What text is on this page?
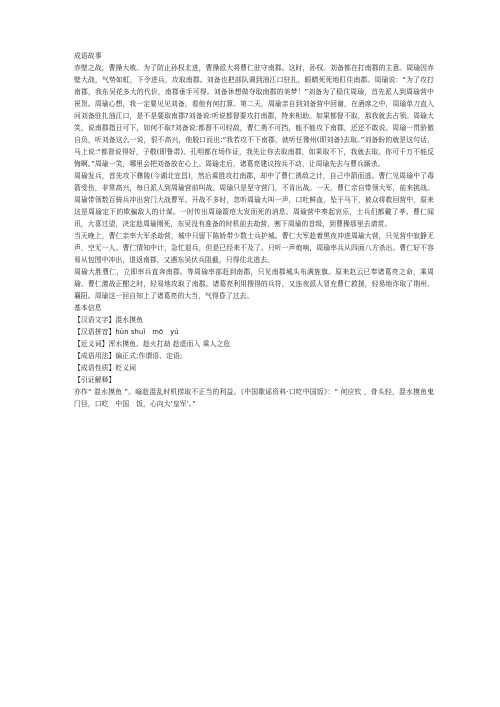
成语故事

赤壁之战，曹操大败。为了防止孙权北进，曹操派大将曹仁驻守南郡。这时，孙权、刘备都在打南郡的主意。周瑜因赤壁大战，气势如虹，下令进兵，攻取南郡。刘备也把部队调到油江口驻扎，眼睛死死地盯住南郡。周瑜说：“为了攻打南郡，我东吴花多大的代价，南郡垂手可得。刘备休想做夺取南郡的美梦！”刘备为了稳住周瑜，首先派人到周瑜营中祝贺。周瑜心想，我一定要见见刘备，看他有何打算。第二天，周瑜亲自到刘备营中回谢，在酒席之中，周瑜单刀直入问刘备驻扎油江口，是不是要取南郡?刘备说:听说都督要攻打南郡，特来相助。如果都督不取，那我就去占领。周瑜大笑，说南郡指日可下，如何不取?刘备说:都督不可轻敌，曹仁勇不可挡，能不能攻下南郡，还还不敢说。周瑜一贯骄傲自负，听刘备这么一说，很不高兴，他脱口而出:“我若攻不下南郡，就听任豫州(即刘备)去取。”刘备盼的就是这句话，马上说:“都督说得好，子敬(即鲁肃)、孔明都在场作证，我先让你去取南郡，如果取不下，我就去取。你可千万不能反悔啊。”周瑜一笑，哪里会把刘备放在心上。周瑜走后，诸葛亮建议按兵不动，让周瑜先去与曹兵厮杀。

周瑜发兵，首先攻下彝陵(今湖北宜昌)，然后乘胜攻打南郡，却中了曹仁诱敌之计，自己中箭而逃。曹仁见周瑜中了毒箭受伤，非常高兴，每日派人到周瑜营前叫战。周瑜只是坚守营门，不肯出战。一天，曹仁亲自带领大军，前来挑战。周瑜带领数百骑兵冲出营门大战曹军。开战不多时，忽听周瑜大叫一声，口吐鲜血，坠于马下，被众将救回营中，原来这是周瑜定下的欺骗敌人的计谋。一时传出周瑜箭疮大发而死的消息。周瑜营中奏起哀乐，士兵们都戴了孝。曹仁闻讯，大喜过望，决定趁周瑜刚死，东吴没有准备的时机前去劫营，割下周瑜的首级，到曹操那里去请赏。

当天晚上，曹仁亲率大军杀劫营，城中只留下陈娇带少数士兵护城。曹仁大军趁着黑夜冲进周瑜大营，只见营中寂静无声，空无一人。曹仁情知中计，急忙退兵，但是已经来不及了。只听一声炮响，周瑜率兵从四面八方杀出。曹仁好不容易从包围中冲出，退返南郡，又遇东吴伏兵阻截，只得往北逃去。

周瑜大胜曹仁，立即率兵直奔南郡。等周瑜率部赶到南郡，只见南郡城头布满旌旗。原来赵云已奉诸葛亮之命，乘周瑜、曹仁激战正酣之时，轻易地攻取了南郡。诸葛亮利用搜得的兵符，又连夜派人冒充曹仁救援，轻易地诈取了荆州、襄阳。周瑜这一回自知上了诸葛亮的大当，气得昏了过去。

基本信息
【汉语文字】混水摸鱼
【汉语拼音】hùn shuǐ　mō　yú
【近义词】浑水摸鱼、趁火打劫 趁虚而入 乘人之危
【成语用法】偏正式;作谓语、定语;
【成语性质】贬义词
【引证解释】
亦作“ 混水摸鱼 ”。喻趁混乱时机捞取不正当的利益。《中国歌谣资料·口吃中国饭》：“ 何应钦 ，骨头轻，混水摸鱼鬼门径，口吃　中国　饭，心向大‘皇军’。”
